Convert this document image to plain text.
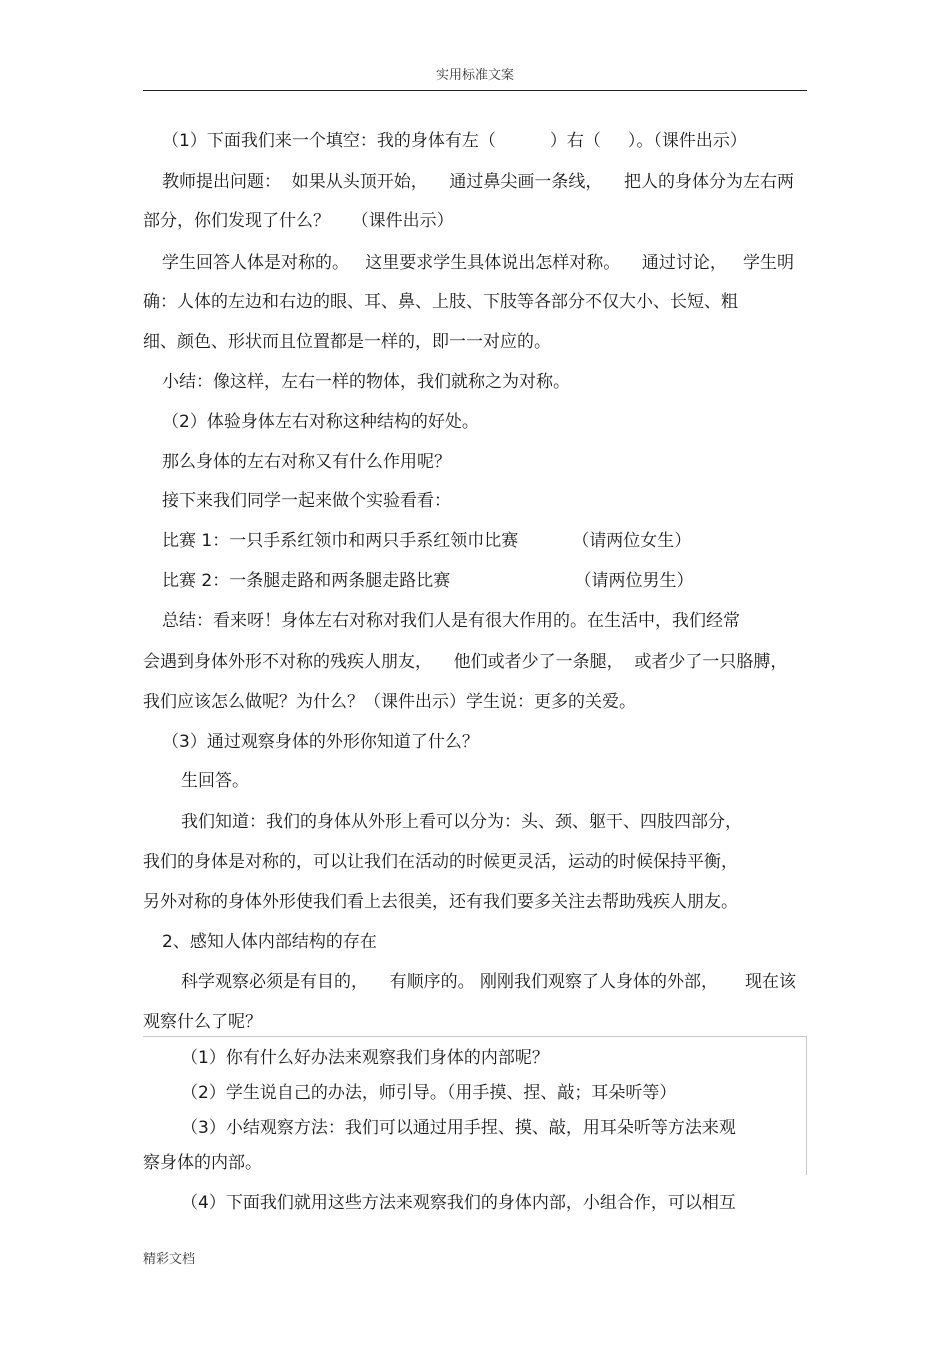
实用标准文案
（1）下面我们来一个填空：我的身体有左（          ）右（     ）。（课件出示）
教师提出问题：  如果从头顶开始，    通过鼻尖画一条线，    把人的身体分为左右两
部分，你们发现了什么？    （课件出示）
学生回答人体是对称的。   这里要求学生具体说出怎样对称。    通过讨论，   学生明
确：人体的左边和右边的眼、耳、鼻、上肢、下肢等各部分不仅大小、长短、粗
细、颜色、形状而且位置都是一样的，即一一对应的。
小结：像这样，左右一样的物体，我们就称之为对称。
（2）体验身体左右对称这种结构的好处。
那么身体的左右对称又有什么作用呢？
接下来我们同学一起来做个实验看看：
比赛 1：一只手系红领巾和两只手系红领巾比赛          （请两位女生）
比赛 2：一条腿走路和两条腿走路比赛                       （请两位男生）
总结：看来呀！身体左右对称对我们人是有很大作用的。在生活中，我们经常
会遇到身体外形不对称的残疾人朋友，    他们或者少了一条腿，  或者少了一只胳膊，
我们应该怎么做呢？为什么？（课件出示）学生说：更多的关爱。
（3）通过观察身体的外形你知道了什么？
生回答。
我们知道：我们的身体从外形上看可以分为：头、颈、躯干、四肢四部分，
我们的身体是对称的，可以让我们在活动的时候更灵活，运动的时候保持平衡，
另外对称的身体外形使我们看上去很美，还有我们要多关注去帮助残疾人朋友。
2、感知人体内部结构的存在
科学观察必须是有目的，    有顺序的。 刚刚我们观察了人身体的外部，     现在该
观察什么了呢？
（1）你有什么好办法来观察我们身体的内部呢？
（2）学生说自己的办法，师引导。（用手摸、捏、敲；耳朵听等）
（3）小结观察方法：我们可以通过用手捏、摸、敲，用耳朵听等方法来观
察身体的内部。
（4）下面我们就用这些方法来观察我们的身体内部，小组合作，可以相互
精彩文档
